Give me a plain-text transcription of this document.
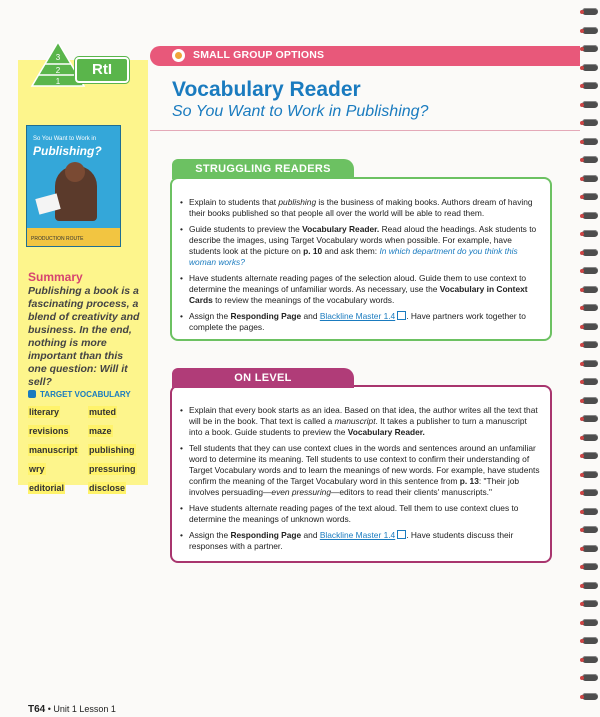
SMALL GROUP OPTIONS
3
2
1
RtI
Vocabulary Reader
So You Want to Work in Publishing?
So You Want to Work in
Publishing?
PRODUCTION ROUTE
Summary
Publishing a book is a fascinating process, a blend of creativity and business. In the end, nothing is more important than this one question: Will it sell?
TARGET VOCABULARY
literary	muted
revisions	maze
manuscript	publishing
wry	pressuring
editorial	disclose
STRUGGLING READERS
• Explain to students that publishing is the business of making books. Authors dream of having their books published so that people all over the world will be able to read them.
• Guide students to preview the Vocabulary Reader. Read aloud the headings. Ask students to describe the images, using Target Vocabulary words when possible. For example, have students look at the picture on p. 10 and ask them: In which department do you think this woman works?
• Have students alternate reading pages of the selection aloud. Guide them to use context to determine the meanings of unfamiliar words. As necessary, use the Vocabulary in Context Cards to review the meanings of the vocabulary words.
• Assign the Responding Page and Blackline Master 1.4 . Have partners work together to complete the pages.
ON LEVEL
• Explain that every book starts as an idea. Based on that idea, the author writes all the text that will be in the book. That text is called a manuscript. It takes a publisher to turn a manuscript into a book. Guide students to preview the Vocabulary Reader.
• Tell students that they can use context clues in the words and sentences around an unfamiliar word to determine its meaning. Tell students to use context to confirm their understanding of Target Vocabulary words and to learn the meanings of new words. For example, have students confirm the meaning of the Target Vocabulary word in this sentence from p. 13: "Their job involves persuading—even pressuring—editors to read their clients' manuscripts."
• Have students alternate reading pages of the text aloud. Tell them to use context clues to determine the meanings of unknown words.
• Assign the Responding Page and Blackline Master 1.4 . Have students discuss their responses with a partner.
T64 • Unit 1 Lesson 1
